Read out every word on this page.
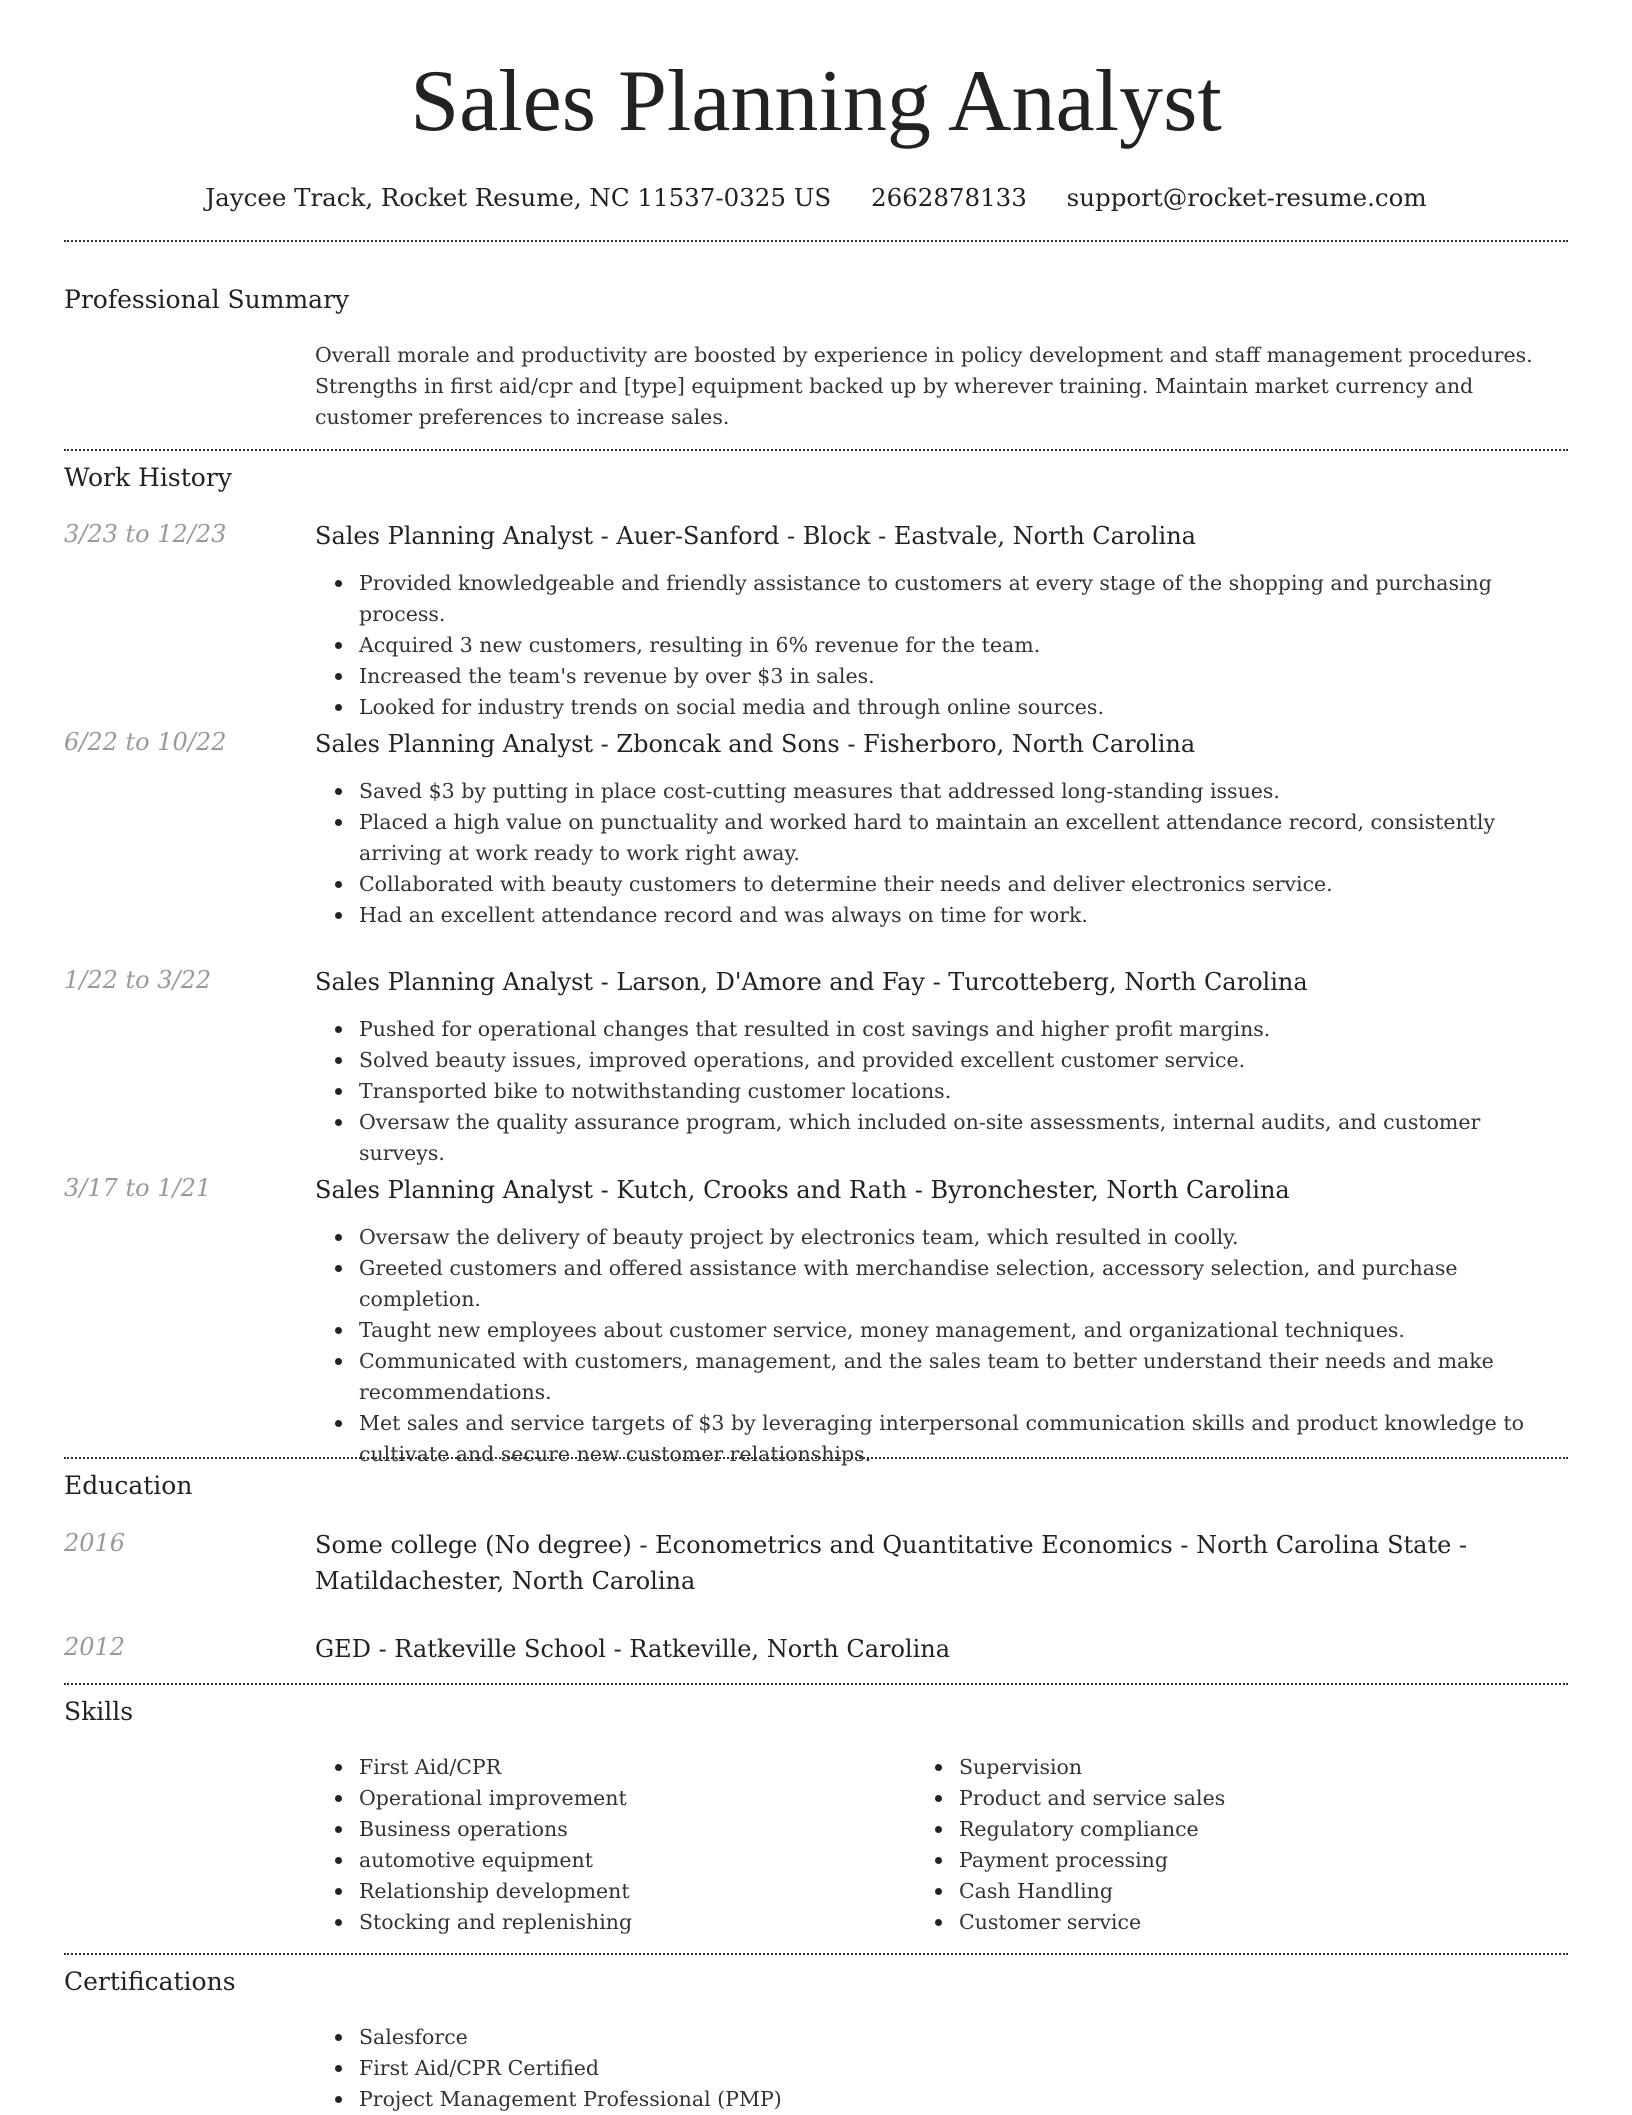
Sales Planning Analyst
Jaycee Track, Rocket Resume, NC 11537-0325 US 2662878133 support@rocket-resume.com
Professional Summary
Overall morale and productivity are boosted by experience in policy development and staff management procedures. Strengths in first aid/cpr and [type] equipment backed up by wherever training. Maintain market currency and customer preferences to increase sales.
Work History
3/23 to 12/23	Sales Planning Analyst - Auer-Sanford - Block - Eastvale, North Carolina
Provided knowledgeable and friendly assistance to customers at every stage of the shopping and purchasing process.
Acquired 3 new customers, resulting in 6% revenue for the team.
Increased the team's revenue by over $3 in sales.
Looked for industry trends on social media and through online sources.
6/22 to 10/22	Sales Planning Analyst - Zboncak and Sons - Fisherboro, North Carolina
Saved $3 by putting in place cost-cutting measures that addressed long-standing issues.
Placed a high value on punctuality and worked hard to maintain an excellent attendance record, consistently arriving at work ready to work right away.
Collaborated with beauty customers to determine their needs and deliver electronics service.
Had an excellent attendance record and was always on time for work.
1/22 to 3/22	Sales Planning Analyst - Larson, D'Amore and Fay - Turcotteberg, North Carolina
Pushed for operational changes that resulted in cost savings and higher profit margins.
Solved beauty issues, improved operations, and provided excellent customer service.
Transported bike to notwithstanding customer locations.
Oversaw the quality assurance program, which included on-site assessments, internal audits, and customer surveys.
3/17 to 1/21	Sales Planning Analyst - Kutch, Crooks and Rath - Byronchester, North Carolina
Oversaw the delivery of beauty project by electronics team, which resulted in coolly.
Greeted customers and offered assistance with merchandise selection, accessory selection, and purchase completion.
Taught new employees about customer service, money management, and organizational techniques.
Communicated with customers, management, and the sales team to better understand their needs and make recommendations.
Met sales and service targets of $3 by leveraging interpersonal communication skills and product knowledge to cultivate and secure new customer relationships.
Education
2016	Some college (No degree) - Econometrics and Quantitative Economics - North Carolina State - Matildachester, North Carolina
2012	GED - Ratkeville School - Ratkeville, North Carolina
Skills
First Aid/CPR
Operational improvement
Business operations
automotive equipment
Relationship development
Stocking and replenishing
Supervision
Product and service sales
Regulatory compliance
Payment processing
Cash Handling
Customer service
Certifications
Salesforce
First Aid/CPR Certified
Project Management Professional (PMP)
